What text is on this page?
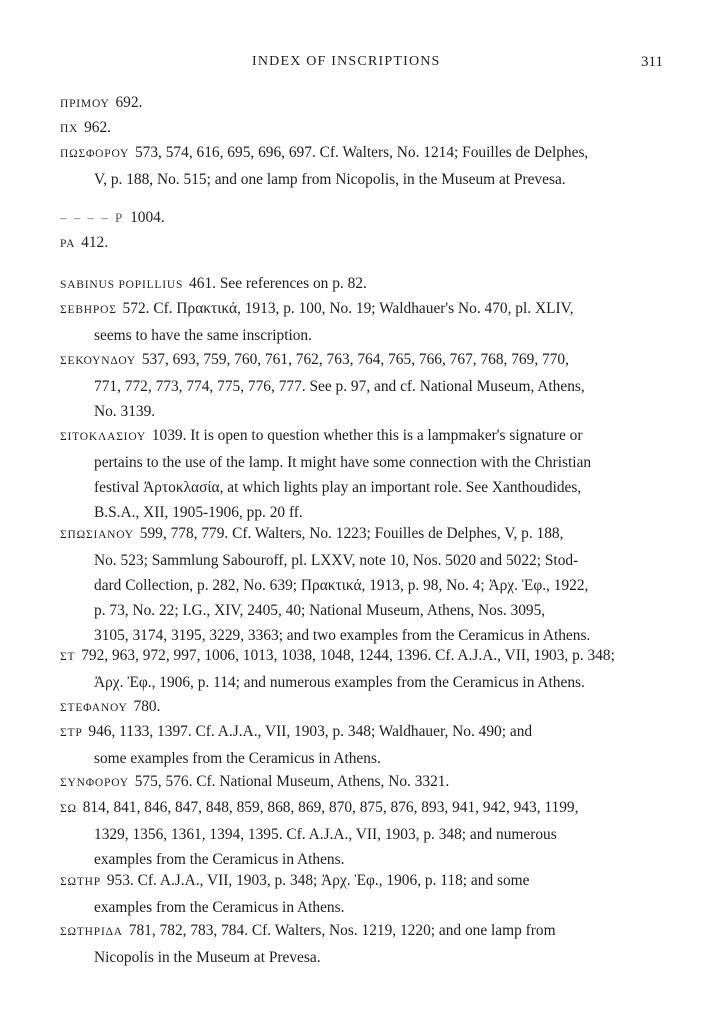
INDEX OF INSCRIPTIONS	311
ΠΡΙΜΟΥ 692.
ΠΧ 962.
ΠΩΣΦΟΡΟΥ 573, 574, 616, 695, 696, 697. Cf. Walters, No. 1214; Fouilles de Delphes,
V, p. 188, No. 515; and one lamp from Nicopolis, in the Museum at Prevesa.
– – – – Ρ 1004.
ΡΑ 412.
SABINUS POPILLIUS 461. See references on p. 82.
ΣΕΒΗΡΟΣ 572. Cf. Πρακτικά, 1913, p. 100, No. 19; Waldhauer's No. 470, pl. XLIV,
seems to have the same inscription.
ΣΕΚΟΥΝΔΟΥ 537, 693, 759, 760, 761, 762, 763, 764, 765, 766, 767, 768, 769, 770,
771, 772, 773, 774, 775, 776, 777. See p. 97, and cf. National Museum, Athens,
No. 3139.
ΣΙΤΟΚΛΑΣΙΟΥ 1039. It is open to question whether this is a lampmaker's signature or
pertains to the use of the lamp. It might have some connection with the Christian
festival Ἀρτοκλασία, at which lights play an important role. See Xanthoudides,
B.S.A., XII, 1905-1906, pp. 20 ff.
ΣΠΩΣΙΑΝΟΥ 599, 778, 779. Cf. Walters, No. 1223; Fouilles de Delphes, V, p. 188,
No. 523; Sammlung Sabouroff, pl. LXXV, note 10, Nos. 5020 and 5022; Stod-
dard Collection, p. 282, No. 639; Πρακτικά, 1913, p. 98, No. 4; Ἀρχ. Ἐφ., 1922,
p. 73, No. 22; I.G., XIV, 2405, 40; National Museum, Athens, Nos. 3095,
3105, 3174, 3195, 3229, 3363; and two examples from the Ceramicus in Athens.
ΣΤ 792, 963, 972, 997, 1006, 1013, 1038, 1048, 1244, 1396. Cf. A.J.A., VII, 1903, p. 348;
Ἀρχ. Ἐφ., 1906, p. 114; and numerous examples from the Ceramicus in Athens.
ΣΤΕΦΑΝΟΥ 780.
ΣΤΡ 946, 1133, 1397. Cf. A.J.A., VII, 1903, p. 348; Waldhauer, No. 490; and
some examples from the Ceramicus in Athens.
ΣΥΝΦΟΡΟΥ 575, 576. Cf. National Museum, Athens, No. 3321.
ΣΩ 814, 841, 846, 847, 848, 859, 868, 869, 870, 875, 876, 893, 941, 942, 943, 1199,
1329, 1356, 1361, 1394, 1395. Cf. A.J.A., VII, 1903, p. 348; and numerous
examples from the Ceramicus in Athens.
ΣΩΤΗΡ 953. Cf. A.J.A., VII, 1903, p. 348; Ἀρχ. Ἐφ., 1906, p. 118; and some
examples from the Ceramicus in Athens.
ΣΩΤΗΡΙΔΑ 781, 782, 783, 784. Cf. Walters, Nos. 1219, 1220; and one lamp from
Nicopolis in the Museum at Prevesa.
